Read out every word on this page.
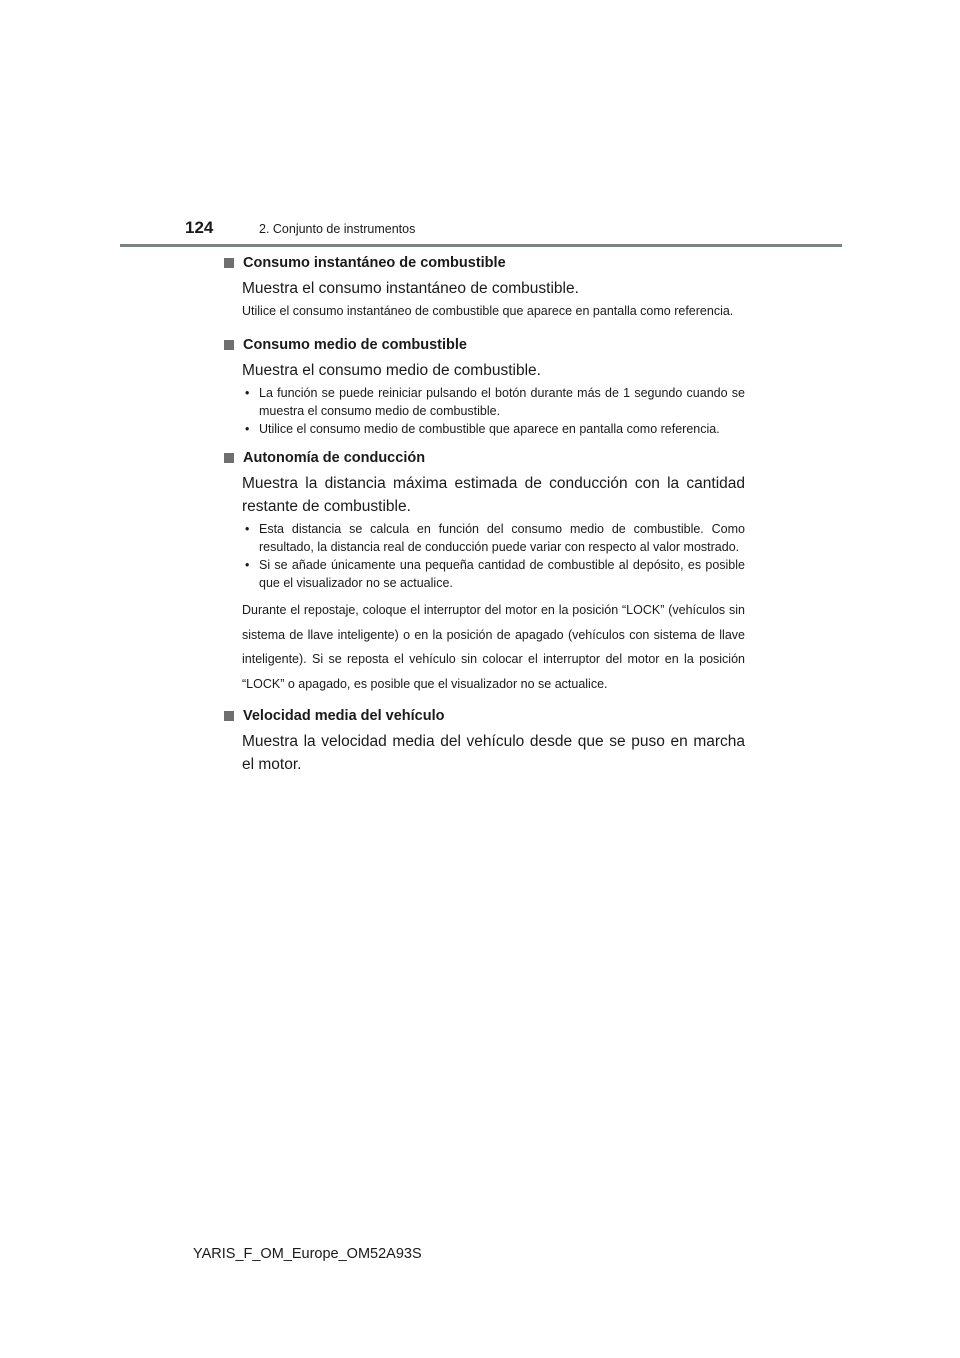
124	2. Conjunto de instrumentos
Consumo instantáneo de combustible

Muestra el consumo instantáneo de combustible.

Utilice el consumo instantáneo de combustible que aparece en pantalla como referencia.

Consumo medio de combustible

Muestra el consumo medio de combustible.

• La función se puede reiniciar pulsando el botón durante más de 1 segundo cuando se muestra el consumo medio de combustible.
• Utilice el consumo medio de combustible que aparece en pantalla como referencia.
Autonomía de conducción

Muestra la distancia máxima estimada de conducción con la cantidad restante de combustible.

• Esta distancia se calcula en función del consumo medio de combustible. Como resultado, la distancia real de conducción puede variar con respecto al valor mostrado.
• Si se añade únicamente una pequeña cantidad de combustible al depósito, es posible que el visualizador no se actualice.

Durante el repostaje, coloque el interruptor del motor en la posición “LOCK” (vehículos sin sistema de llave inteligente) o en la posición de apagado (vehículos con sistema de llave inteligente). Si se reposta el vehículo sin colocar el interruptor del motor en la posición “LOCK” o apagado, es posible que el visualizador no se actualice.

Velocidad media del vehículo

Muestra la velocidad media del vehículo desde que se puso en marcha el motor.

YARIS_F_OM_Europe_OM52A93S
